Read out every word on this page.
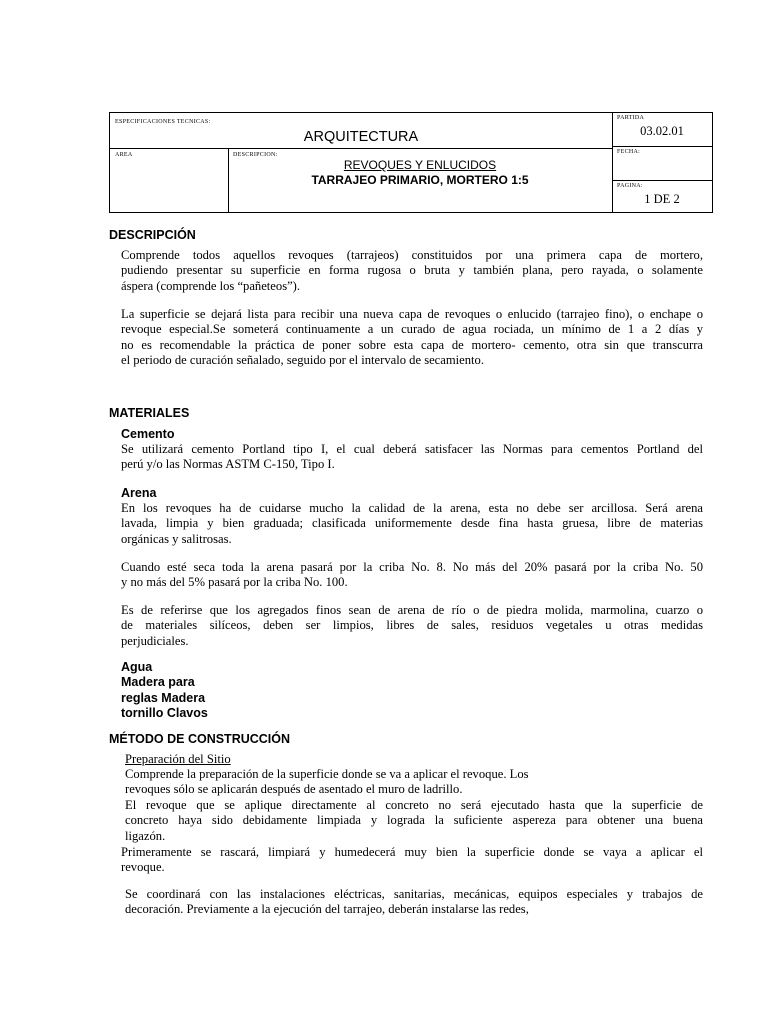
ESPECIFICACIONES TECNICAS:
ARQUITECTURA
PARTIDA
03.02.01
AREA	DESCRIPCION:
REVOQUES Y ENLUCIDOS
TARRAJEO PRIMARIO, MORTERO 1:5
FECHA:
PAGINA:
1 DE 2
DESCRIPCIÓN
Comprende todos aquellos revoques (tarrajeos) constituidos por una primera capa de mortero,
pudiendo presentar su superficie en forma rugosa o bruta y también plana, pero rayada, o solamente
áspera (comprende los “pañeteos”).
La superficie se dejará lista para recibir una nueva capa de revoques o enlucido (tarrajeo fino), o enchape o
revoque especial.Se someterá continuamente a un curado de agua rociada, un mínimo de 1 a 2 días y
no es recomendable la práctica de poner sobre esta capa de mortero- cemento, otra sin que transcurra
el periodo de curación señalado, seguido por el intervalo de secamiento.
MATERIALES
Cemento
Se utilizará cemento Portland tipo I, el cual deberá satisfacer las Normas para cementos Portland del
perú y/o las Normas ASTM C-150, Tipo I.
Arena
En los revoques ha de cuidarse mucho la calidad de la arena, esta no debe ser arcillosa. Será arena
lavada, limpia y bien graduada; clasificada uniformemente desde fina hasta gruesa, libre de materias
orgánicas y salitrosas.
Cuando esté seca toda la arena pasará por la criba No. 8. No más del 20% pasará por la criba No. 50
y no más del 5% pasará por la criba No. 100.
Es de referirse que los agregados finos sean de arena de río o de piedra molida, marmolina, cuarzo o
de materiales silíceos, deben ser limpios, libres de sales, residuos vegetales u otras medidas
perjudiciales.
Agua
Madera para
reglas Madera
tornillo Clavos
MÉTODO DE CONSTRUCCIÓN
Preparación del Sitio
Comprende la preparación de la superficie donde se va a aplicar el revoque. Los
revoques sólo se aplicarán después de asentado el muro de ladrillo.
El revoque que se aplique directamente al concreto no será ejecutado hasta que la superficie de
concreto haya sido debidamente limpiada y lograda la suficiente aspereza para obtener una buena
ligazón.
Primeramente se rascará, limpiará y humedecerá muy bien la superficie donde se vaya a aplicar el
revoque.
Se coordinará con las instalaciones eléctricas, sanitarias, mecánicas, equipos especiales y trabajos de
decoración. Previamente a la ejecución del tarrajeo, deberán instalarse las redes,
